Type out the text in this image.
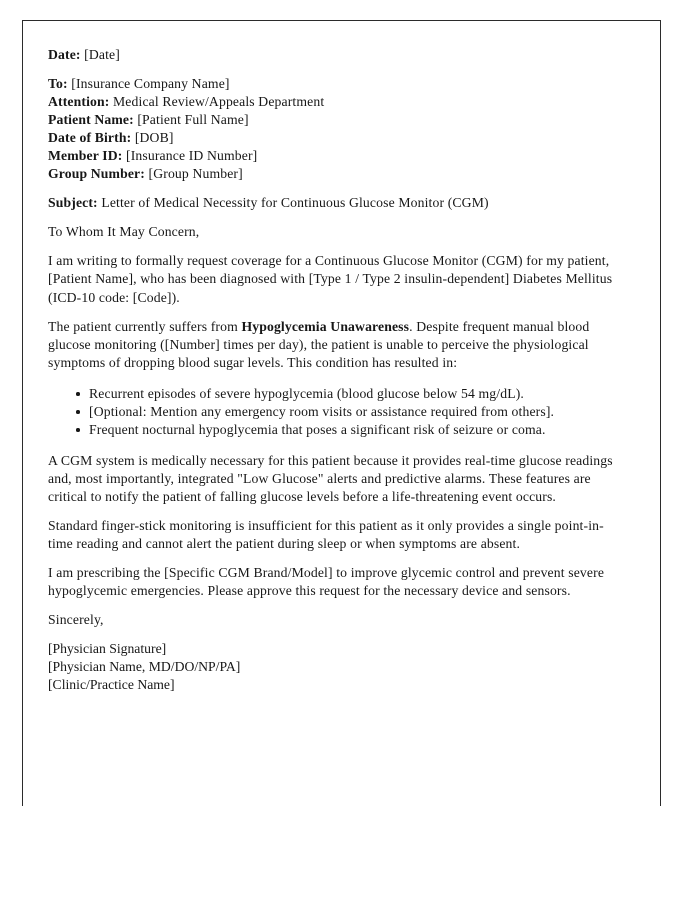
Date: [Date]
To: [Insurance Company Name]
Attention: Medical Review/Appeals Department
Patient Name: [Patient Full Name]
Date of Birth: [DOB]
Member ID: [Insurance ID Number]
Group Number: [Group Number]
Subject: Letter of Medical Necessity for Continuous Glucose Monitor (CGM)
To Whom It May Concern,

I am writing to formally request coverage for a Continuous Glucose Monitor (CGM) for my patient, [Patient Name], who has been diagnosed with [Type 1 / Type 2 insulin-dependent] Diabetes Mellitus (ICD-10 code: [Code]).

The patient currently suffers from Hypoglycemia Unawareness. Despite frequent manual blood glucose monitoring ([Number] times per day), the patient is unable to perceive the physiological symptoms of dropping blood sugar levels. This condition has resulted in:

Recurrent episodes of severe hypoglycemia (blood glucose below 54 mg/dL).
[Optional: Mention any emergency room visits or assistance required from others].
Frequent nocturnal hypoglycemia that poses a significant risk of seizure or coma.

A CGM system is medically necessary for this patient because it provides real-time glucose readings and, most importantly, integrated "Low Glucose" alerts and predictive alarms. These features are critical to notify the patient of falling glucose levels before a life-threatening event occurs.

Standard finger-stick monitoring is insufficient for this patient as it only provides a single point-in-time reading and cannot alert the patient during sleep or when symptoms are absent.

I am prescribing the [Specific CGM Brand/Model] to improve glycemic control and prevent severe hypoglycemic emergencies. Please approve this request for the necessary device and sensors.

Sincerely,
[Physician Signature]
[Physician Name, MD/DO/NP/PA]
[Clinic/Practice Name]
